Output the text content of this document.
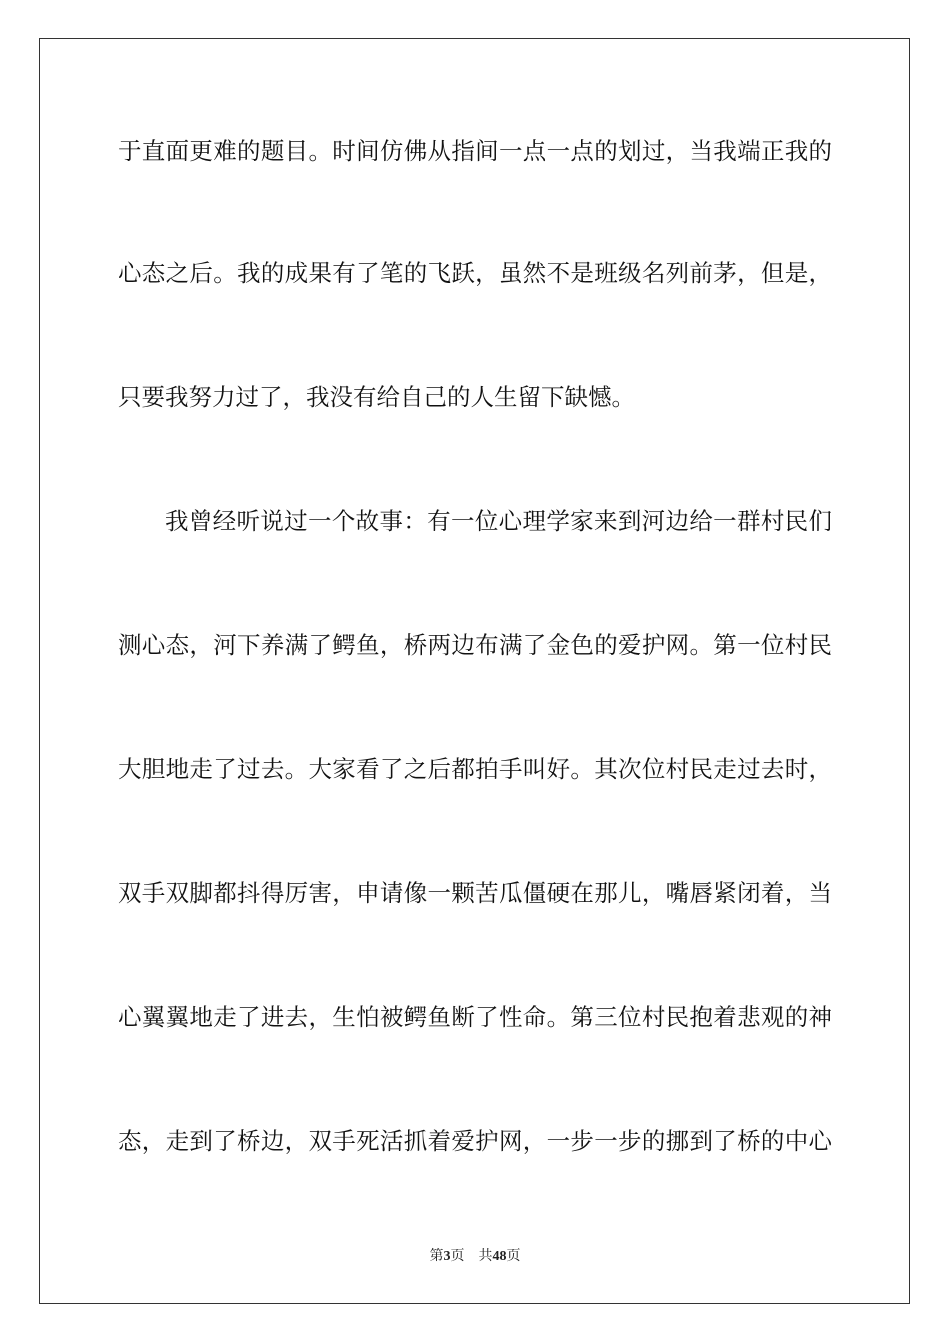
于直面更难的题目。时间仿佛从指间一点一点的划过，当我端正我的
心态之后。我的成果有了笔的飞跃，虽然不是班级名列前茅，但是，
只要我努力过了，我没有给自己的人生留下缺憾。
我曾经听说过一个故事：有一位心理学家来到河边给一群村民们
测心态，河下养满了鳄鱼，桥两边布满了金色的爱护网。第一位村民
大胆地走了过去。大家看了之后都拍手叫好。其次位村民走过去时，
双手双脚都抖得厉害，申请像一颗苦瓜僵硬在那儿，嘴唇紧闭着，当
心翼翼地走了进去，生怕被鳄鱼断了性命。第三位村民抱着悲观的神
态，走到了桥边，双手死活抓着爱护网，一步一步的挪到了桥的中心
第3页 共48页
